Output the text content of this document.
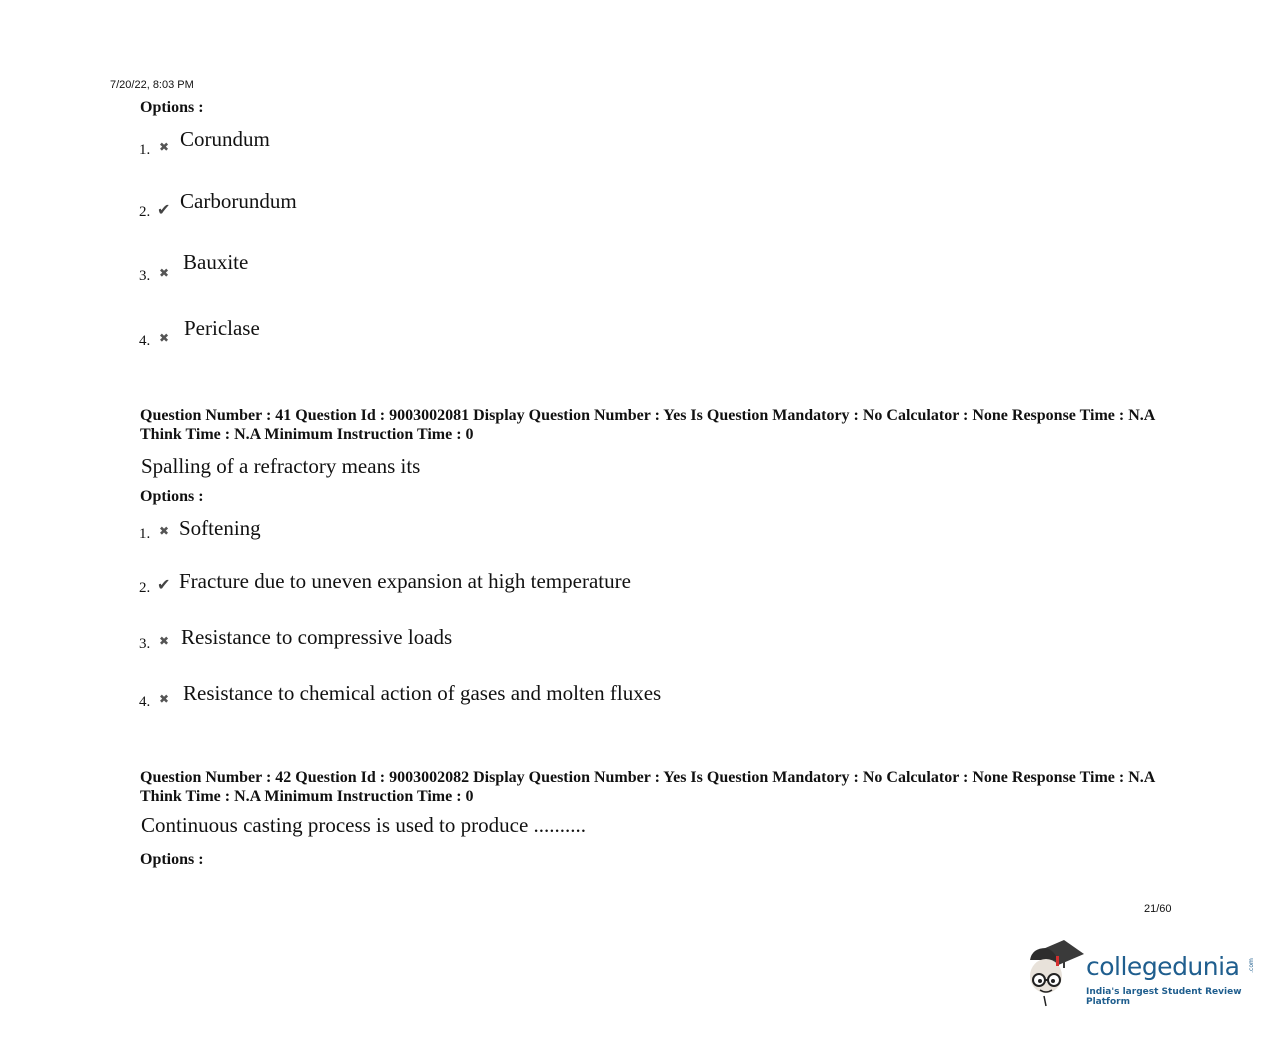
7/20/22, 8:03 PM
Options :
1. ✖ Corundum
2. ✔ Carborundum
3. ✖ Bauxite
4. ✖ Periclase
Question Number : 41 Question Id : 9003002081 Display Question Number : Yes Is Question Mandatory : No Calculator : None Response Time : N.A Think Time : N.A Minimum Instruction Time : 0
Spalling of a refractory means its
Options :
1. ✖ Softening
2. ✔ Fracture due to uneven expansion at high temperature
3. ✖ Resistance to compressive loads
4. ✖ Resistance to chemical action of gases and molten fluxes
Question Number : 42 Question Id : 9003002082 Display Question Number : Yes Is Question Mandatory : No Calculator : None Response Time : N.A Think Time : N.A Minimum Instruction Time : 0
Continuous casting process is used to produce ..........
Options :
21/60
collegedunia .com
India's largest Student Review Platform
